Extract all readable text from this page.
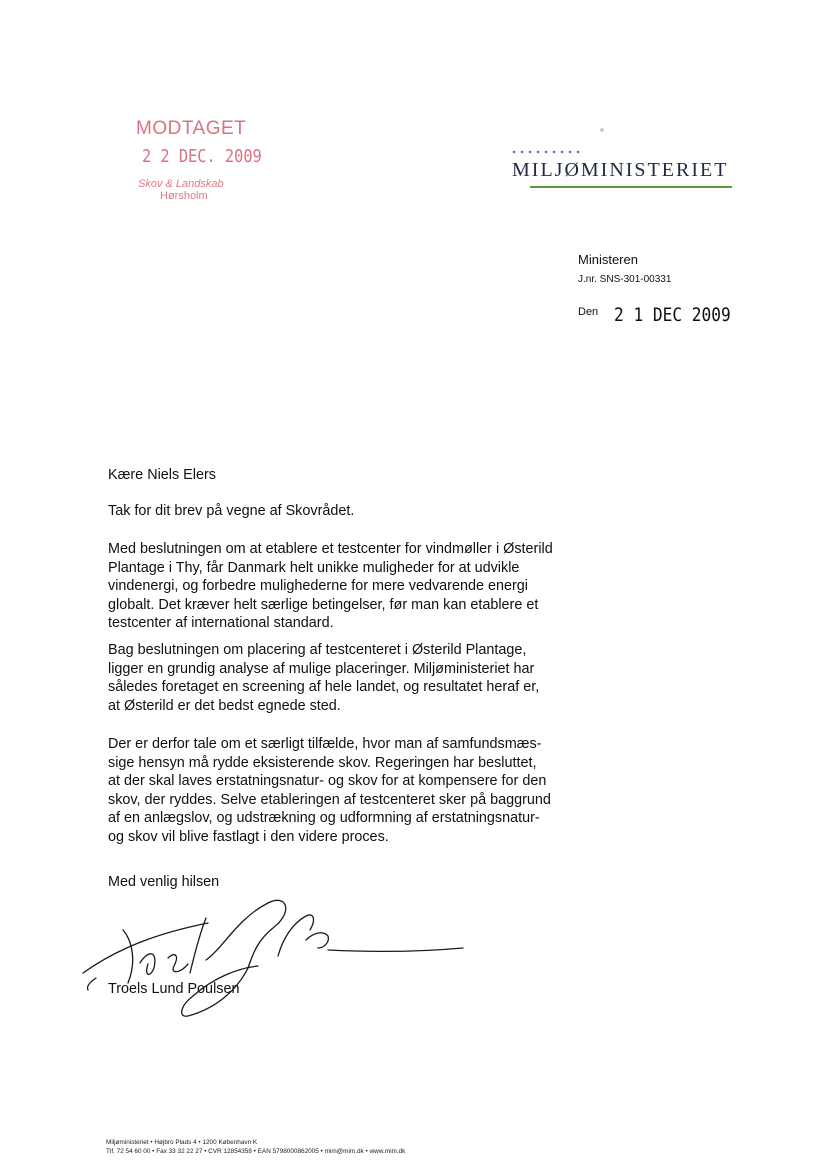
MODTAGET
2 2 DEC. 2009
Skov & Landskab
Hørsholm
MILJØMINISTERIET
Ministeren
J.nr. SNS-301-00331
Den 2 1 DEC 2009
Kære Niels Elers
Tak for dit brev på vegne af Skovrådet.
Med beslutningen om at etablere et testcenter for vindmøller i Østerild
Plantage i Thy, får Danmark helt unikke muligheder for at udvikle
vindenergi, og forbedre mulighederne for mere vedvarende energi
globalt. Det kræver helt særlige betingelser, før man kan etablere et
testcenter af international standard.
Bag beslutningen om placering af testcenteret i Østerild Plantage,
ligger en grundig analyse af mulige placeringer. Miljøministeriet har
således foretaget en screening af hele landet, og resultatet heraf er,
at Østerild er det bedst egnede sted.
Der er derfor tale om et særligt tilfælde, hvor man af samfundsmæs-
sige hensyn må rydde eksisterende skov. Regeringen har besluttet,
at der skal laves erstatningsnatur- og skov for at kompensere for den
skov, der ryddes. Selve etableringen af testcenteret sker på baggrund
af en anlægslov, og udstrækning og udformning af erstatningsnatur-
og skov vil blive fastlagt i den videre proces.
Med venlig hilsen
Troels Lund Poulsen
Miljøministeriet • Højbro Plads 4 • 1200 København K
Tlf. 72 54 60 00 • Fax 33 32 22 27 • CVR 12854358 • EAN 5798000862005 • mim@mim.dk • www.mim.dk
